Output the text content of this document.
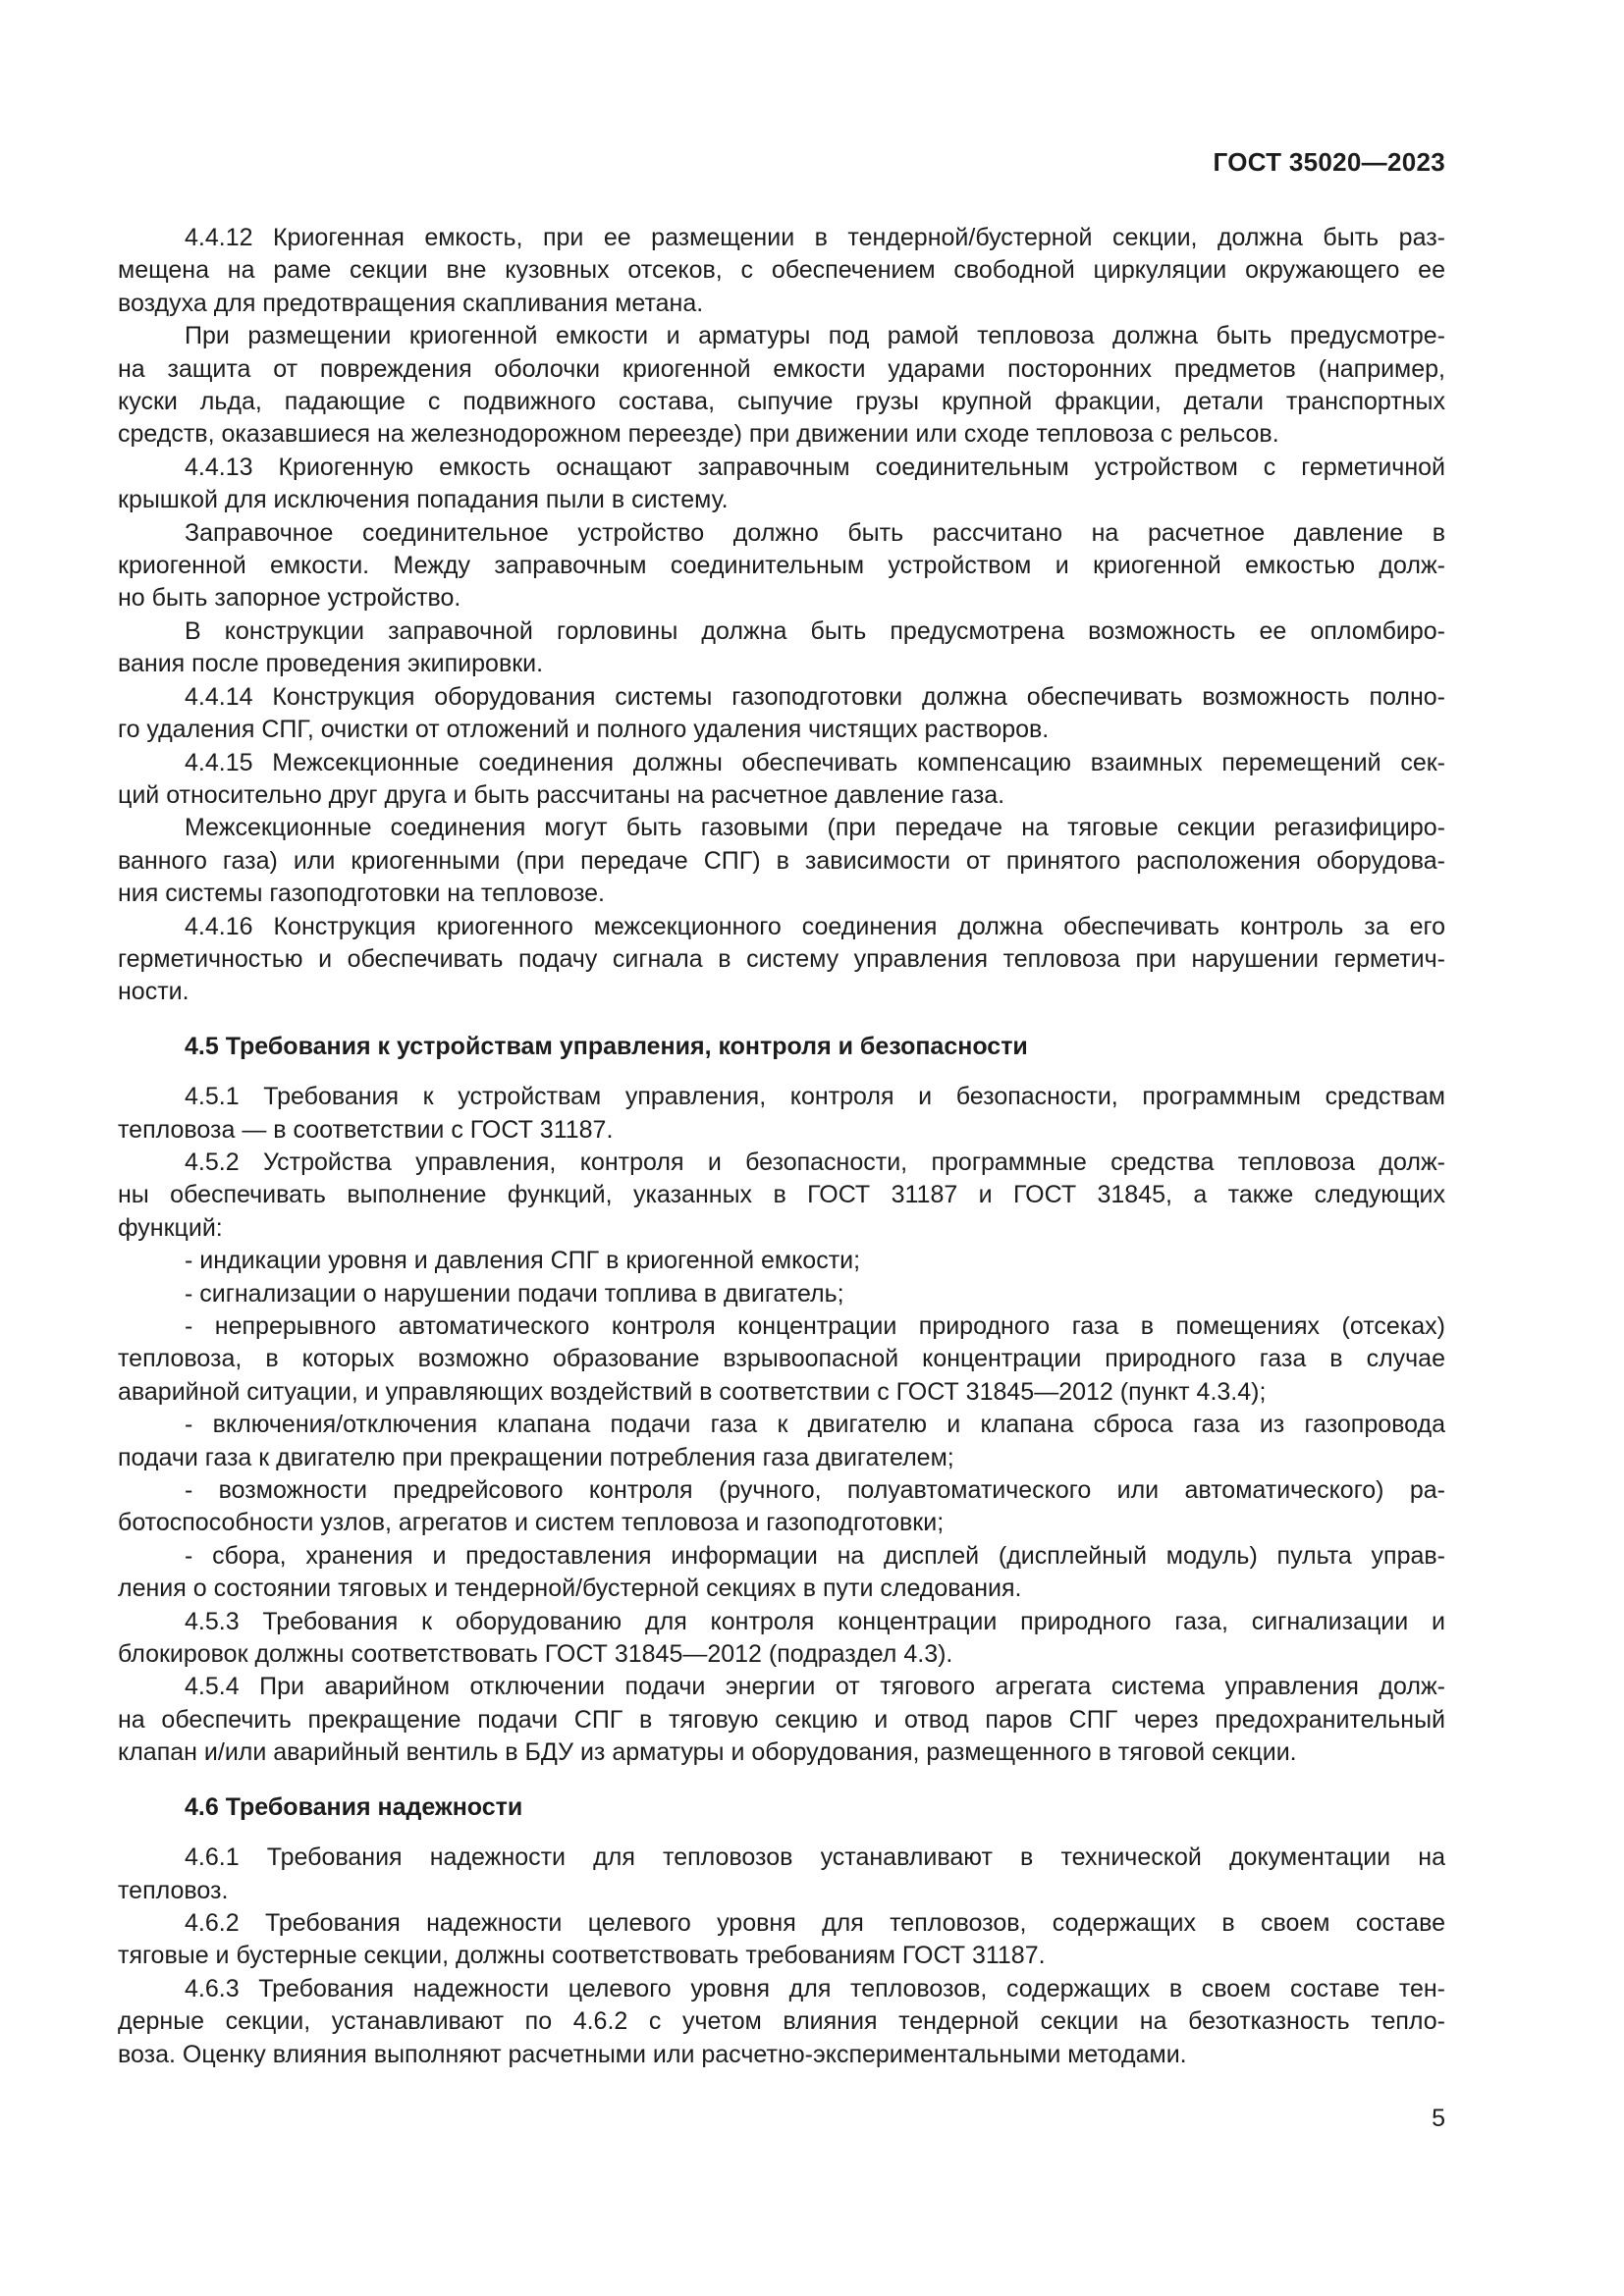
ГОСТ 35020—2023
4.4.12 Криогенная емкость, при ее размещении в тендерной/бустерной секции, должна быть раз-
мещена на раме секции вне кузовных отсеков, с обеспечением свободной циркуляции окружающего ее
воздуха для предотвращения скапливания метана.
При размещении криогенной емкости и арматуры под рамой тепловоза должна быть предусмотре-
на защита от повреждения оболочки криогенной емкости ударами посторонних предметов (например,
куски льда, падающие с подвижного состава, сыпучие грузы крупной фракции, детали транспортных
средств, оказавшиеся на железнодорожном переезде) при движении или сходе тепловоза с рельсов.
4.4.13 Криогенную емкость оснащают заправочным соединительным устройством с герметичной
крышкой для исключения попадания пыли в систему.
Заправочное соединительное устройство должно быть рассчитано на расчетное давление в
криогенной емкости. Между заправочным соединительным устройством и криогенной емкостью долж-
но быть запорное устройство.
В конструкции заправочной горловины должна быть предусмотрена возможность ее опломбиро-
вания после проведения экипировки.
4.4.14 Конструкция оборудования системы газоподготовки должна обеспечивать возможность полно-
го удаления СПГ, очистки от отложений и полного удаления чистящих растворов.
4.4.15 Межсекционные соединения должны обеспечивать компенсацию взаимных перемещений сек-
ций относительно друг друга и быть рассчитаны на расчетное давление газа.
Межсекционные соединения могут быть газовыми (при передаче на тяговые секции регазифициро-
ванного газа) или криогенными (при передаче СПГ) в зависимости от принятого расположения оборудова-
ния системы газоподготовки на тепловозе.
4.4.16 Конструкция криогенного межсекционного соединения должна обеспечивать контроль за его
герметичностью и обеспечивать подачу сигнала в систему управления тепловоза при нарушении герметич-
ности.
4.5 Требования к устройствам управления, контроля и безопасности
4.5.1 Требования к устройствам управления, контроля и безопасности, программным средствам
тепловоза — в соответствии с ГОСТ 31187.
4.5.2 Устройства управления, контроля и безопасности, программные средства тепловоза долж-
ны обеспечивать выполнение функций, указанных в ГОСТ 31187 и ГОСТ 31845, а также следующих
функций:
- индикации уровня и давления СПГ в криогенной емкости;
- сигнализации о нарушении подачи топлива в двигатель;
- непрерывного автоматического контроля концентрации природного газа в помещениях (отсеках)
тепловоза, в которых возможно образование взрывоопасной концентрации природного газа в случае
аварийной ситуации, и управляющих воздействий в соответствии с ГОСТ 31845—2012 (пункт 4.3.4);
- включения/отключения клапана подачи газа к двигателю и клапана сброса газа из газопровода
подачи газа к двигателю при прекращении потребления газа двигателем;
- возможности предрейсового контроля (ручного, полуавтоматического или автоматического) ра-
ботоспособности узлов, агрегатов и систем тепловоза и газоподготовки;
- сбора, хранения и предоставления информации на дисплей (дисплейный модуль) пульта управ-
ления о состоянии тяговых и тендерной/бустерной секциях в пути следования.
4.5.3 Требования к оборудованию для контроля концентрации природного газа, сигнализации и
блокировок должны соответствовать ГОСТ 31845—2012 (подраздел 4.3).
4.5.4 При аварийном отключении подачи энергии от тягового агрегата система управления долж-
на обеспечить прекращение подачи СПГ в тяговую секцию и отвод паров СПГ через предохранительный
клапан и/или аварийный вентиль в БДУ из арматуры и оборудования, размещенного в тяговой секции.
4.6 Требования надежности
4.6.1 Требования надежности для тепловозов устанавливают в технической документации на
тепловоз.
4.6.2 Требования надежности целевого уровня для тепловозов, содержащих в своем составе
тяговые и бустерные секции, должны соответствовать требованиям ГОСТ 31187.
4.6.3 Требования надежности целевого уровня для тепловозов, содержащих в своем составе тен-
дерные секции, устанавливают по 4.6.2 с учетом влияния тендерной секции на безотказность тепло-
воза. Оценку влияния выполняют расчетными или расчетно-экспериментальными методами.
5
